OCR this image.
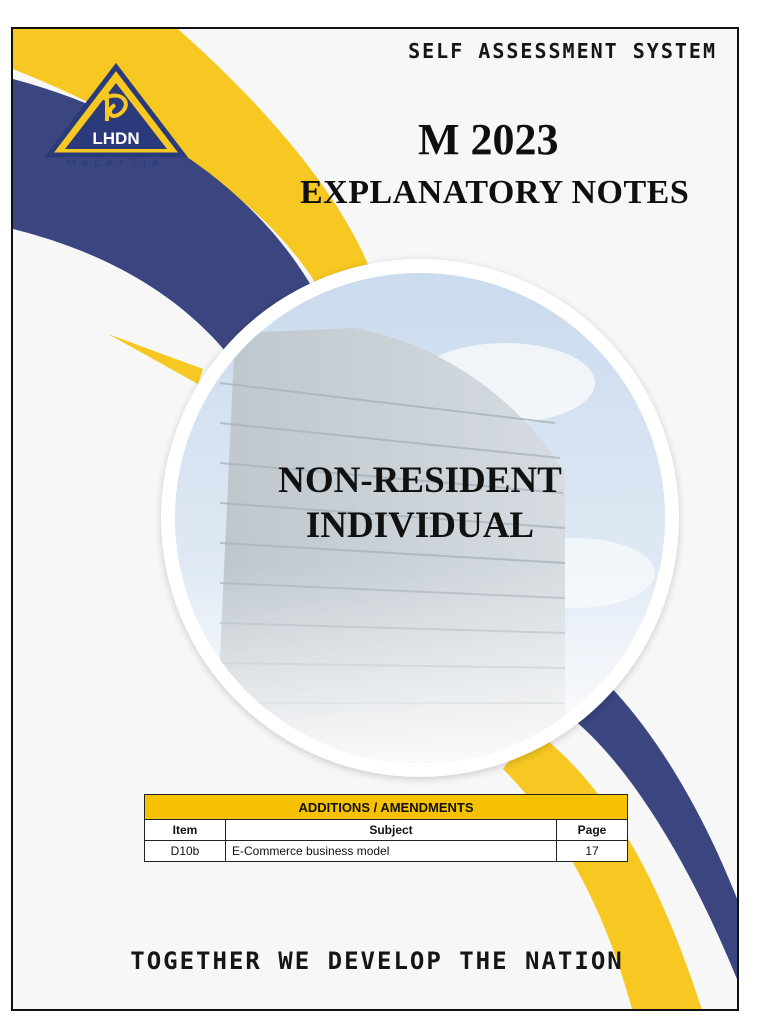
SELF ASSESSMENT SYSTEM
LHDN
MALAYSIA	M 2023
EXPLANATORY NOTES
NON-RESIDENT
INDIVIDUAL
ADDITIONS / AMENDMENTS		
Item	Subject	Page
D10b	E-Commerce business model	17
TOGETHER WE DEVELOP THE NATION
